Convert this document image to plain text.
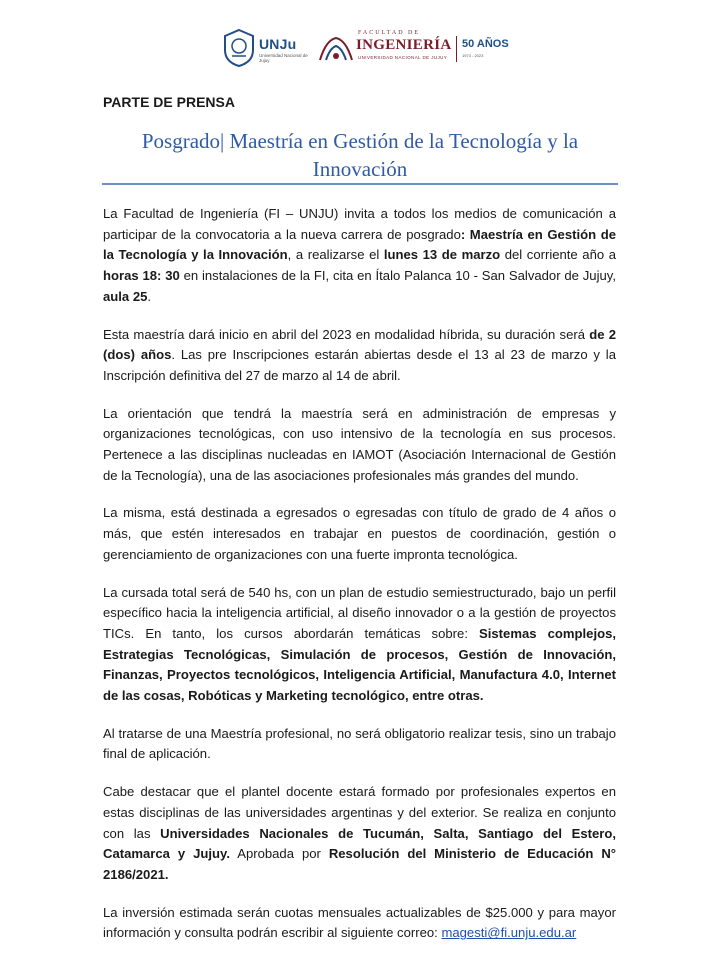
UNJu
Universidad Nacional de Jujuy
FACULTAD DE
INGENIERÍA
UNIVERSIDAD NACIONAL DE JUJUY
50 AÑOS
1973 - 2023
PARTE DE PRENSA
Posgrado| Maestría en Gestión de la Tecnología y la
Innovación

La Facultad de Ingeniería (FI – UNJU) invita a todos los medios de comunicación a participar de la convocatoria a la nueva carrera de posgrado: Maestría en Gestión de la Tecnología y la Innovación, a realizarse el lunes 13 de marzo del corriente año a horas 18: 30 en instalaciones de la FI, cita en Ítalo Palanca 10 - San Salvador de Jujuy, aula 25.

Esta maestría dará inicio en abril del 2023 en modalidad híbrida, su duración será de 2 (dos) años. Las pre Inscripciones estarán abiertas desde el 13 al 23 de marzo y la Inscripción definitiva del 27 de marzo al 14 de abril.

La orientación que tendrá la maestría será en administración de empresas y organizaciones tecnológicas, con uso intensivo de la tecnología en sus procesos. Pertenece a las disciplinas nucleadas en IAMOT (Asociación Internacional de Gestión de la Tecnología), una de las asociaciones profesionales más grandes del mundo.

La misma, está destinada a egresados o egresadas con título de grado de 4 años o más, que estén interesados en trabajar en puestos de coordinación, gestión o gerenciamiento de organizaciones con una fuerte impronta tecnológica.

La cursada total será de 540 hs, con un plan de estudio semiestructurado, bajo un perfil específico hacia la inteligencia artificial, al diseño innovador o a la gestión de proyectos TICs. En tanto, los cursos abordarán temáticas sobre: Sistemas complejos, Estrategias Tecnológicas, Simulación de procesos, Gestión de Innovación, Finanzas, Proyectos tecnológicos, Inteligencia Artificial, Manufactura 4.0, Internet de las cosas, Robóticas y Marketing tecnológico, entre otras.

Al tratarse de una Maestría profesional, no será obligatorio realizar tesis, sino un trabajo final de aplicación.

Cabe destacar que el plantel docente estará formado por profesionales expertos en estas disciplinas de las universidades argentinas y del exterior. Se realiza en conjunto con las Universidades Nacionales de Tucumán, Salta, Santiago del Estero, Catamarca y Jujuy. Aprobada por Resolución del Ministerio de Educación N° 2186/2021.

La inversión estimada serán cuotas mensuales actualizables de $25.000 y para mayor información y consulta podrán escribir al siguiente correo: magesti@fi.unju.edu.ar
